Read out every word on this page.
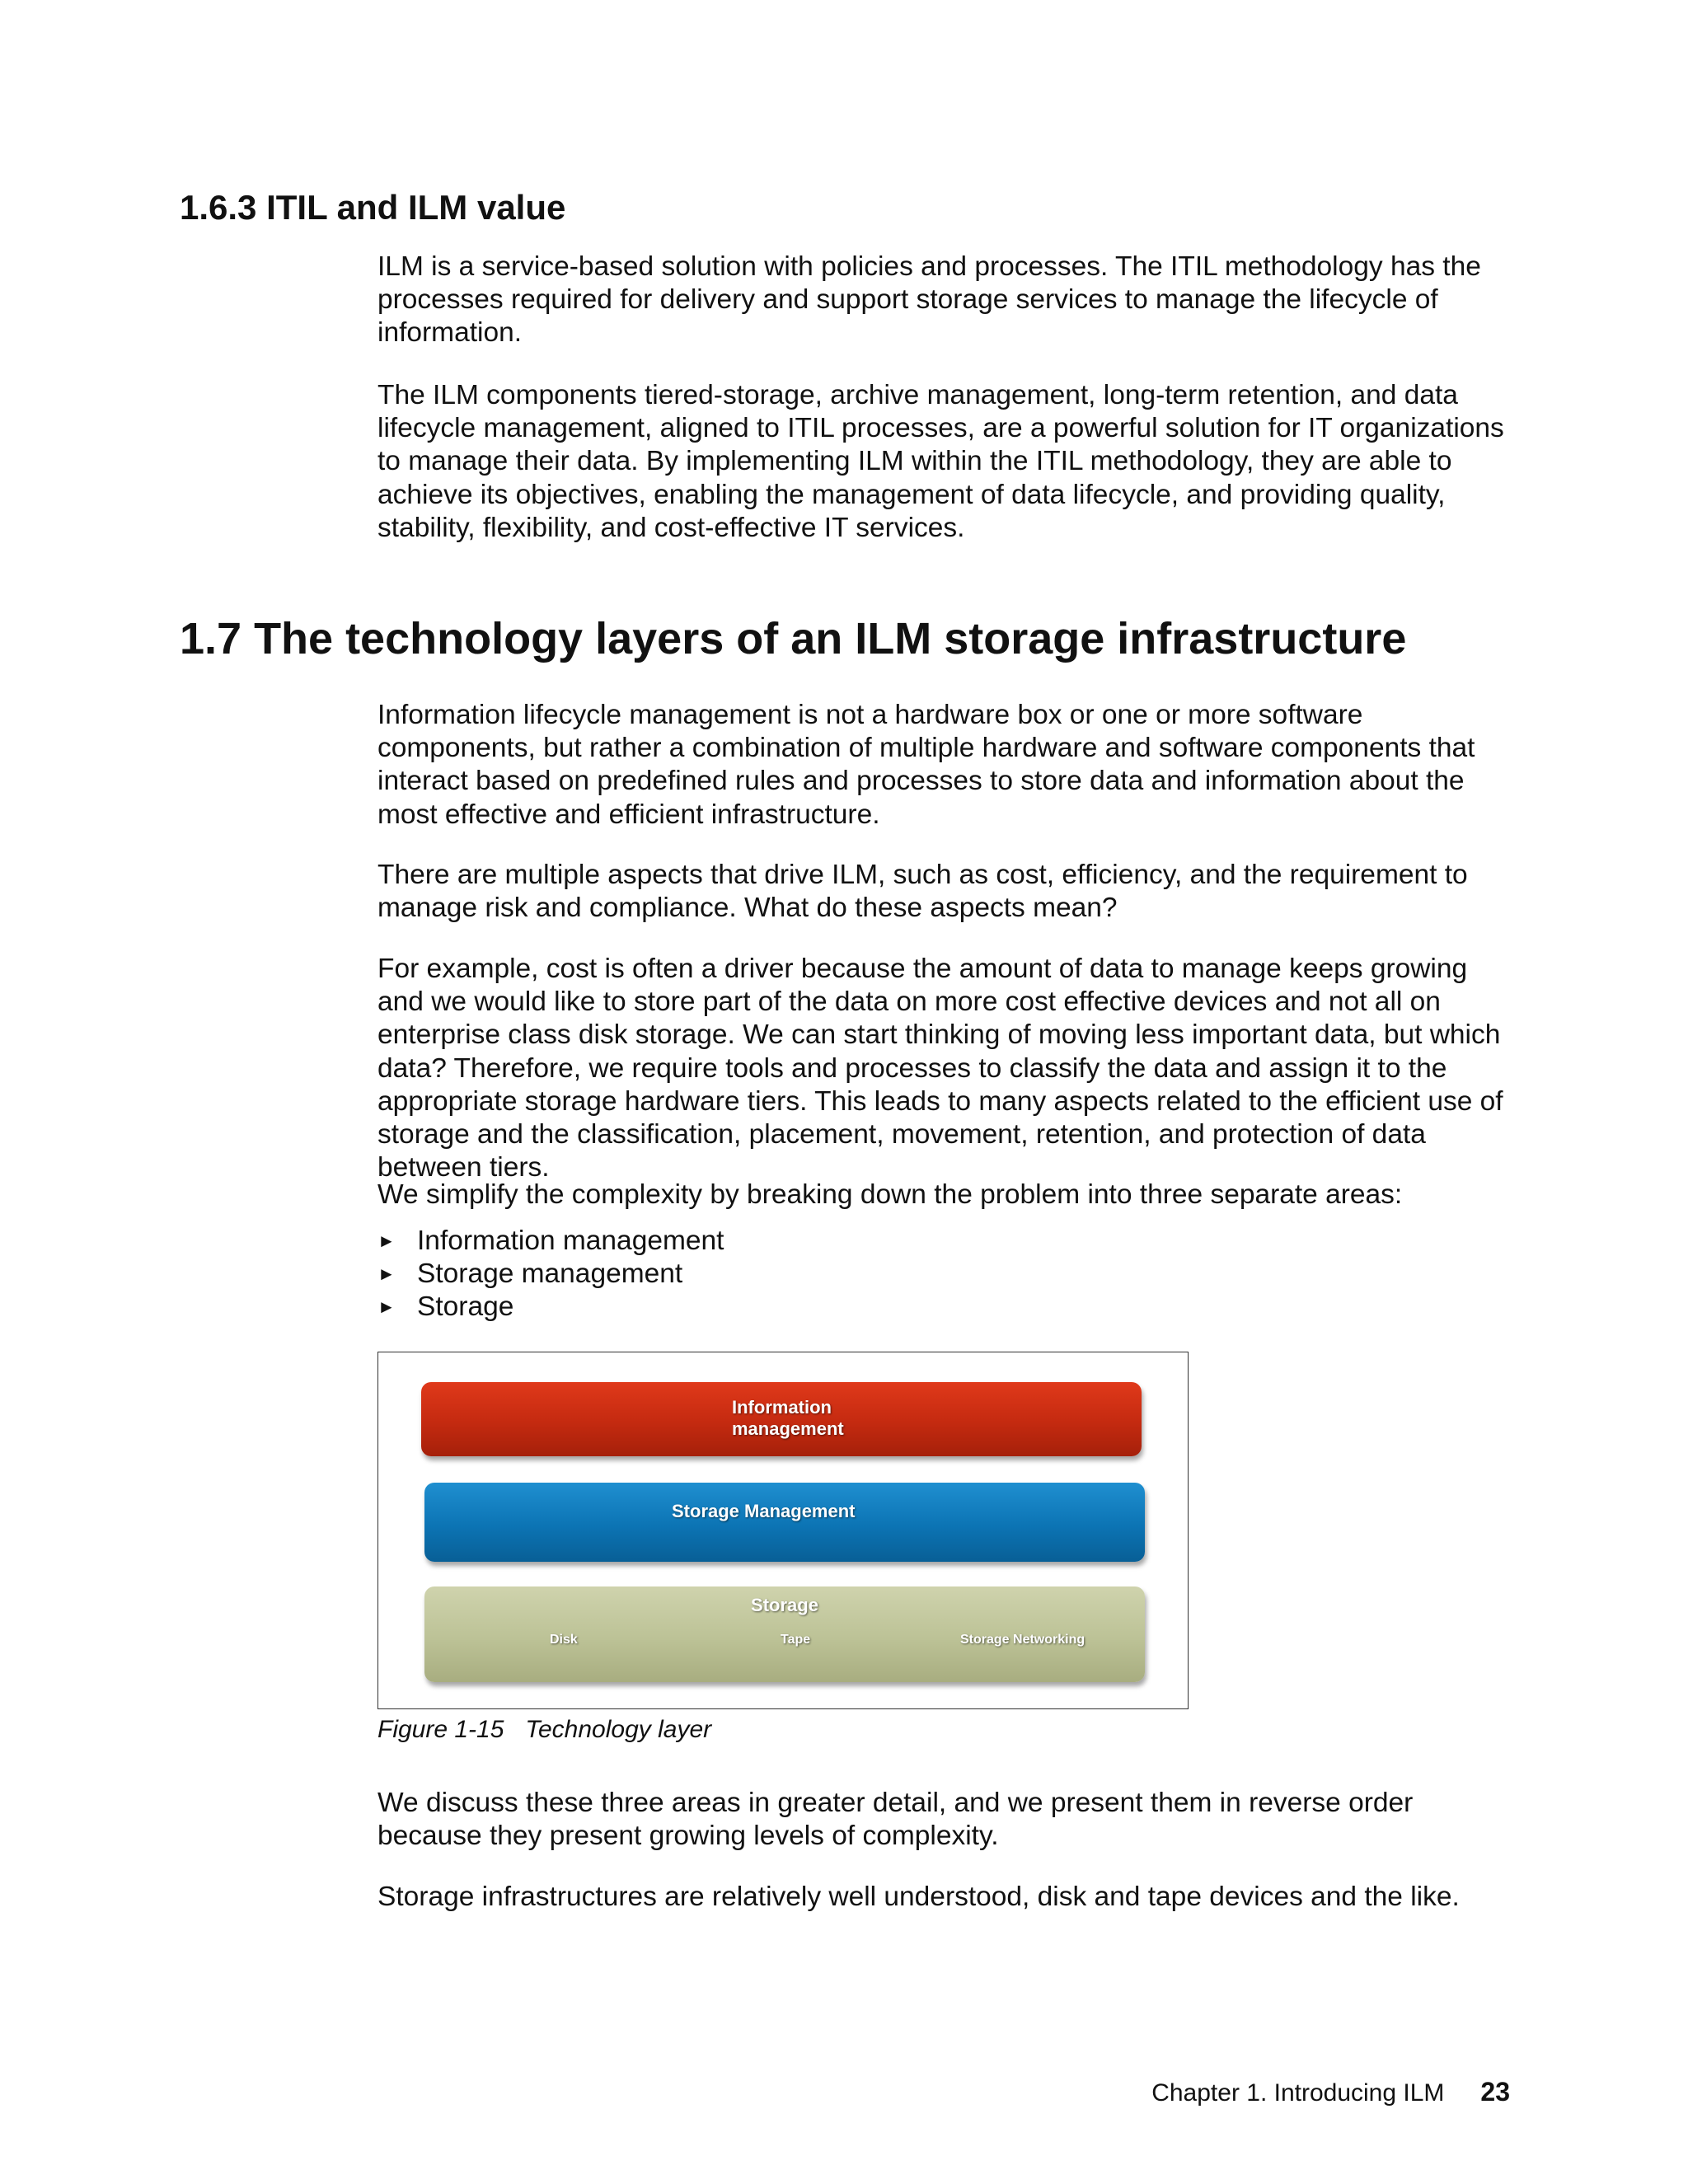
1.6.3 ITIL and ILM value

ILM is a service-based solution with policies and processes. The ITIL methodology has the processes required for delivery and support storage services to manage the lifecycle of information.

The ILM components tiered-storage, archive management, long-term retention, and data lifecycle management, aligned to ITIL processes, are a powerful solution for IT organizations to manage their data. By implementing ILM within the ITIL methodology, they are able to achieve its objectives, enabling the management of data lifecycle, and providing quality, stability, flexibility, and cost-effective IT services.

1.7 The technology layers of an ILM storage infrastructure

Information lifecycle management is not a hardware box or one or more software components, but rather a combination of multiple hardware and software components that interact based on predefined rules and processes to store data and information about the most effective and efficient infrastructure.

There are multiple aspects that drive ILM, such as cost, efficiency, and the requirement to manage risk and compliance. What do these aspects mean?

For example, cost is often a driver because the amount of data to manage keeps growing and we would like to store part of the data on more cost effective devices and not all on enterprise class disk storage. We can start thinking of moving less important data, but which data? Therefore, we require tools and processes to classify the data and assign it to the appropriate storage hardware tiers. This leads to many aspects related to the efficient use of storage and the classification, placement, movement, retention, and protection of data between tiers.

We simplify the complexity by breaking down the problem into three separate areas:

► Information management
► Storage management
► Storage
Information management
Storage Management
Storage
Disk	Tape	Storage Networking

Figure 1-15 Technology layer

We discuss these three areas in greater detail, and we present them in reverse order because they present growing levels of complexity.

Storage infrastructures are relatively well understood, disk and tape devices and the like.

Chapter 1. Introducing ILM 23
